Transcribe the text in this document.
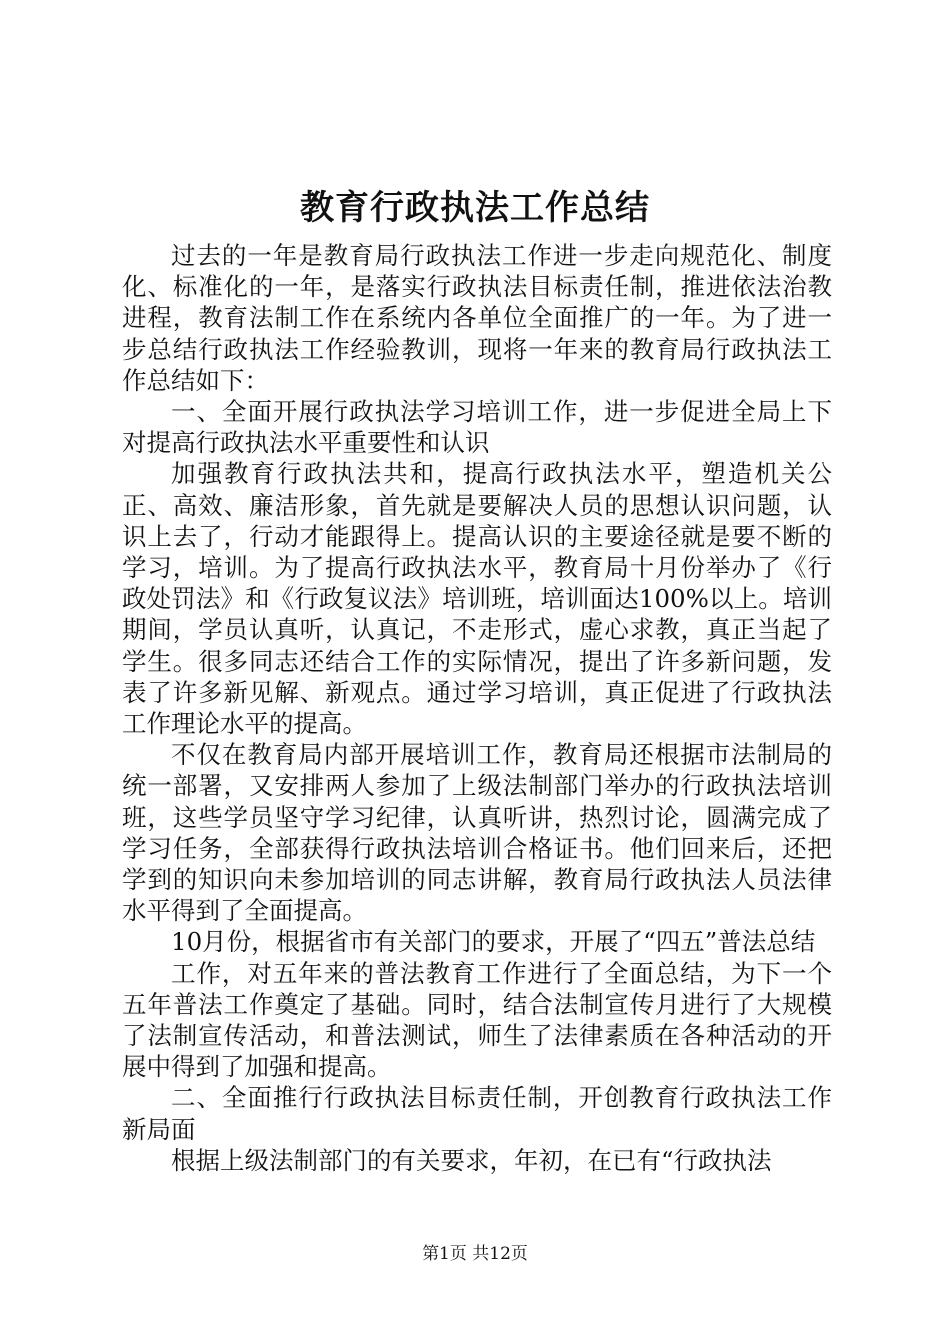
教育行政执法工作总结

过去的一年是教育局行政执法工作进一步走向规范化、制度化、标准化的一年，是落实行政执法目标责任制，推进依法治教进程，教育法制工作在系统内各单位全面推广的一年。为了进一步总结行政执法工作经验教训，现将一年来的教育局行政执法工作总结如下：

一、全面开展行政执法学习培训工作，进一步促进全局上下对提高行政执法水平重要性和认识

加强教育行政执法共和，提高行政执法水平，塑造机关公正、高效、廉洁形象，首先就是要解决人员的思想认识问题，认识上去了，行动才能跟得上。提高认识的主要途径就是要不断的学习，培训。为了提高行政执法水平，教育局十月份举办了《行政处罚法》和《行政复议法》培训班，培训面达100%以上。培训期间，学员认真听，认真记，不走形式，虚心求教，真正当起了学生。很多同志还结合工作的实际情况，提出了许多新问题，发表了许多新见解、新观点。通过学习培训，真正促进了行政执法工作理论水平的提高。

不仅在教育局内部开展培训工作，教育局还根据市法制局的统一部署，又安排两人参加了上级法制部门举办的行政执法培训班，这些学员坚守学习纪律，认真听讲，热烈讨论，圆满完成了学习任务，全部获得行政执法培训合格证书。他们回来后，还把学到的知识向未参加培训的同志讲解，教育局行政执法人员法律水平得到了全面提高。

10月份，根据省市有关部门的要求，开展了“四五”普法总结

工作，对五年来的普法教育工作进行了全面总结，为下一个五年普法工作奠定了基础。同时，结合法制宣传月进行了大规模了法制宣传活动，和普法测试，师生了法律素质在各种活动的开展中得到了加强和提高。

二、全面推行行政执法目标责任制，开创教育行政执法工作新局面

根据上级法制部门的有关要求，年初，在已有“行政执法

第1页 共12页
